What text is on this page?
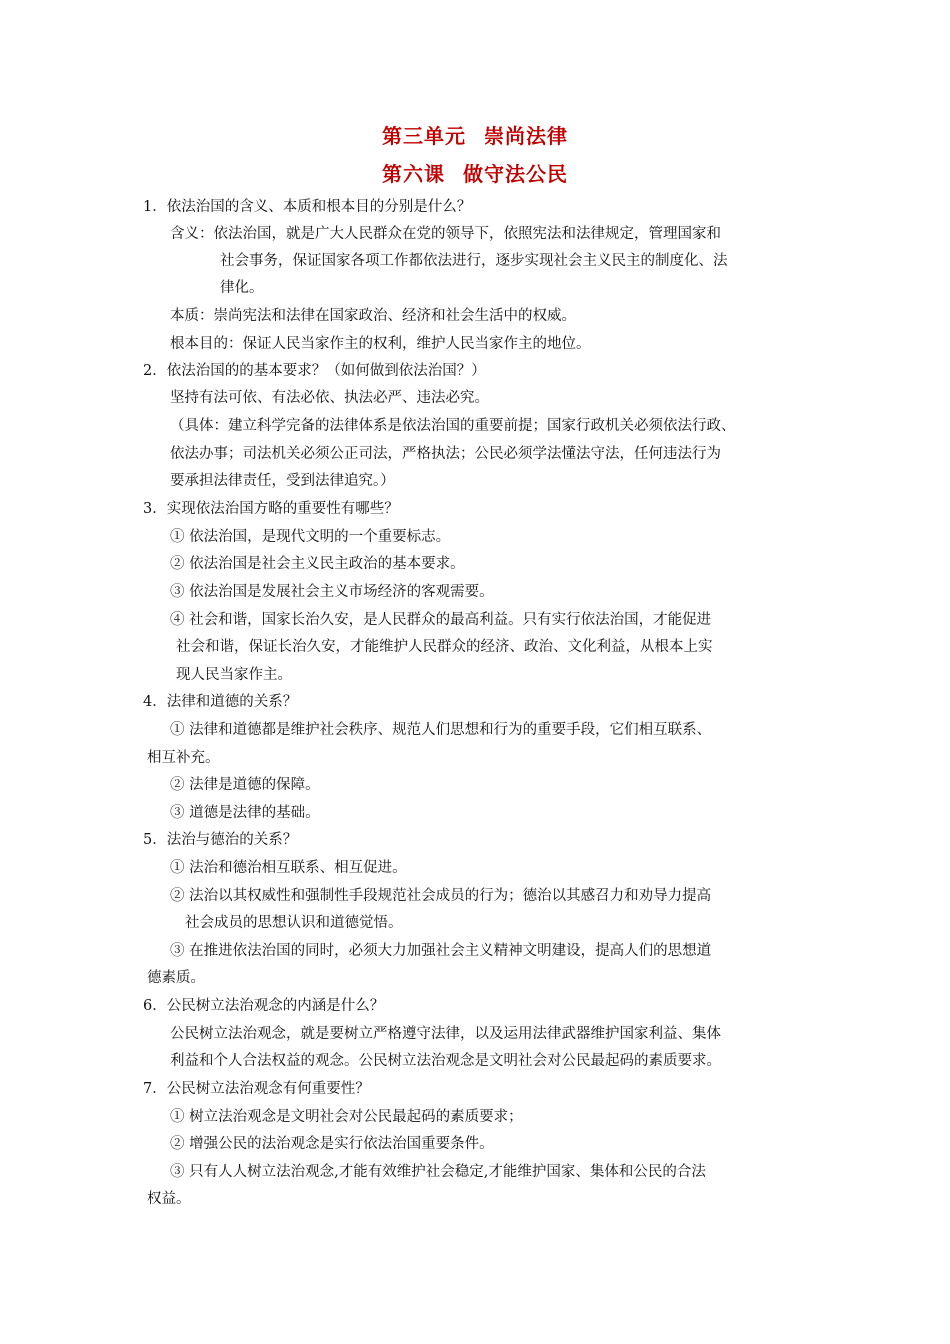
第三单元 崇尚法律
第六课 做守法公民
1．依法治国的含义、本质和根本目的分别是什么？
含义：依法治国，就是广大人民群众在党的领导下，依照宪法和法律规定，管理国家和
社会事务，保证国家各项工作都依法进行，逐步实现社会主义民主的制度化、法
律化。
本质：崇尚宪法和法律在国家政治、经济和社会生活中的权威。
根本目的：保证人民当家作主的权利，维护人民当家作主的地位。
2．依法治国的的基本要求？（如何做到依法治国？）
坚持有法可依、有法必依、执法必严、违法必究。
（具体：建立科学完备的法律体系是依法治国的重要前提；国家行政机关必须依法行政、
依法办事；司法机关必须公正司法，严格执法；公民必须学法懂法守法，任何违法行为
要承担法律责任，受到法律追究。）
3．实现依法治国方略的重要性有哪些？
① 依法治国，是现代文明的一个重要标志。
② 依法治国是社会主义民主政治的基本要求。
③ 依法治国是发展社会主义市场经济的客观需要。
④ 社会和谐，国家长治久安，是人民群众的最高利益。只有实行依法治国，才能促进
社会和谐，保证长治久安，才能维护人民群众的经济、政治、文化利益，从根本上实
现人民当家作主。
4．法律和道德的关系？
① 法律和道德都是维护社会秩序、规范人们思想和行为的重要手段，它们相互联系、
相互补充。
② 法律是道德的保障。
③ 道德是法律的基础。
5．法治与德治的关系？
① 法治和德治相互联系、相互促进。
② 法治以其权威性和强制性手段规范社会成员的行为；德治以其感召力和劝导力提高
社会成员的思想认识和道德觉悟。
③ 在推进依法治国的同时，必须大力加强社会主义精神文明建设，提高人们的思想道
德素质。
6．公民树立法治观念的内涵是什么？
公民树立法治观念，就是要树立严格遵守法律，以及运用法律武器维护国家利益、集体
利益和个人合法权益的观念。公民树立法治观念是文明社会对公民最起码的素质要求。
7．公民树立法治观念有何重要性？
① 树立法治观念是文明社会对公民最起码的素质要求；
② 增强公民的法治观念是实行依法治国重要条件。
③ 只有人人树立法治观念,才能有效维护社会稳定,才能维护国家、集体和公民的合法
权益。
